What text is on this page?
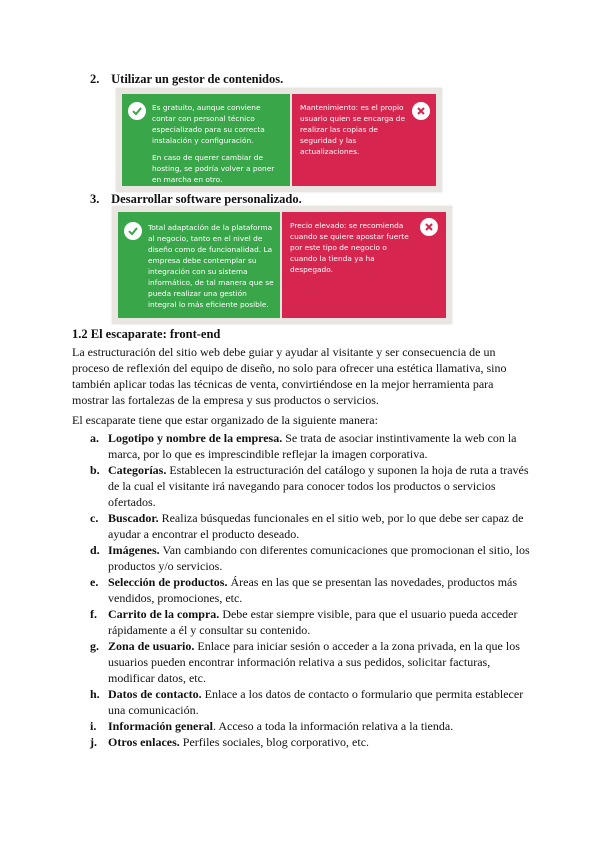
2. Utilizar un gestor de contenidos.

Es gratuito, aunque conviene contar con personal técnico especializado para su correcta instalación y configuración.

En caso de querer cambiar de hosting, se podría volver a poner en marcha en otro.

Mantenimiento: es el propio usuario quien se encarga de realizar las copias de seguridad y las actualizaciones.

3. Desarrollar software personalizado.

Total adaptación de la plataforma al negocio, tanto en el nivel de diseño como de funcionalidad. La empresa debe contemplar su integración con su sistema informático, de tal manera que se pueda realizar una gestión integral lo más eficiente posible.

Precio elevado: se recomienda cuando se quiere apostar fuerte por este tipo de negocio o cuando la tienda ya ha despegado.

1.2 El escaparate: front-end
La estructuración del sitio web debe guiar y ayudar al visitante y ser consecuencia de un proceso de reflexión del equipo de diseño, no solo para ofrecer una estética llamativa, sino también aplicar todas las técnicas de venta, convirtiéndose en la mejor herramienta para mostrar las fortalezas de la empresa y sus productos o servicios.
El escaparate tiene que estar organizado de la siguiente manera:
a. Logotipo y nombre de la empresa. Se trata de asociar instintivamente la web con la marca, por lo que es imprescindible reflejar la imagen corporativa.
b. Categorías. Establecen la estructuración del catálogo y suponen la hoja de ruta a través de la cual el visitante irá navegando para conocer todos los productos o servicios ofertados.
c. Buscador. Realiza búsquedas funcionales en el sitio web, por lo que debe ser capaz de ayudar a encontrar el producto deseado.
d. Imágenes. Van cambiando con diferentes comunicaciones que promocionan el sitio, los productos y/o servicios.
e. Selección de productos. Áreas en las que se presentan las novedades, productos más vendidos, promociones, etc.
f. Carrito de la compra. Debe estar siempre visible, para que el usuario pueda acceder rápidamente a él y consultar su contenido.
g. Zona de usuario. Enlace para iniciar sesión o acceder a la zona privada, en la que los usuarios pueden encontrar información relativa a sus pedidos, solicitar facturas, modificar datos, etc.
h. Datos de contacto. Enlace a los datos de contacto o formulario que permita establecer una comunicación.
i. Información general. Acceso a toda la información relativa a la tienda.
j. Otros enlaces. Perfiles sociales, blog corporativo, etc.
